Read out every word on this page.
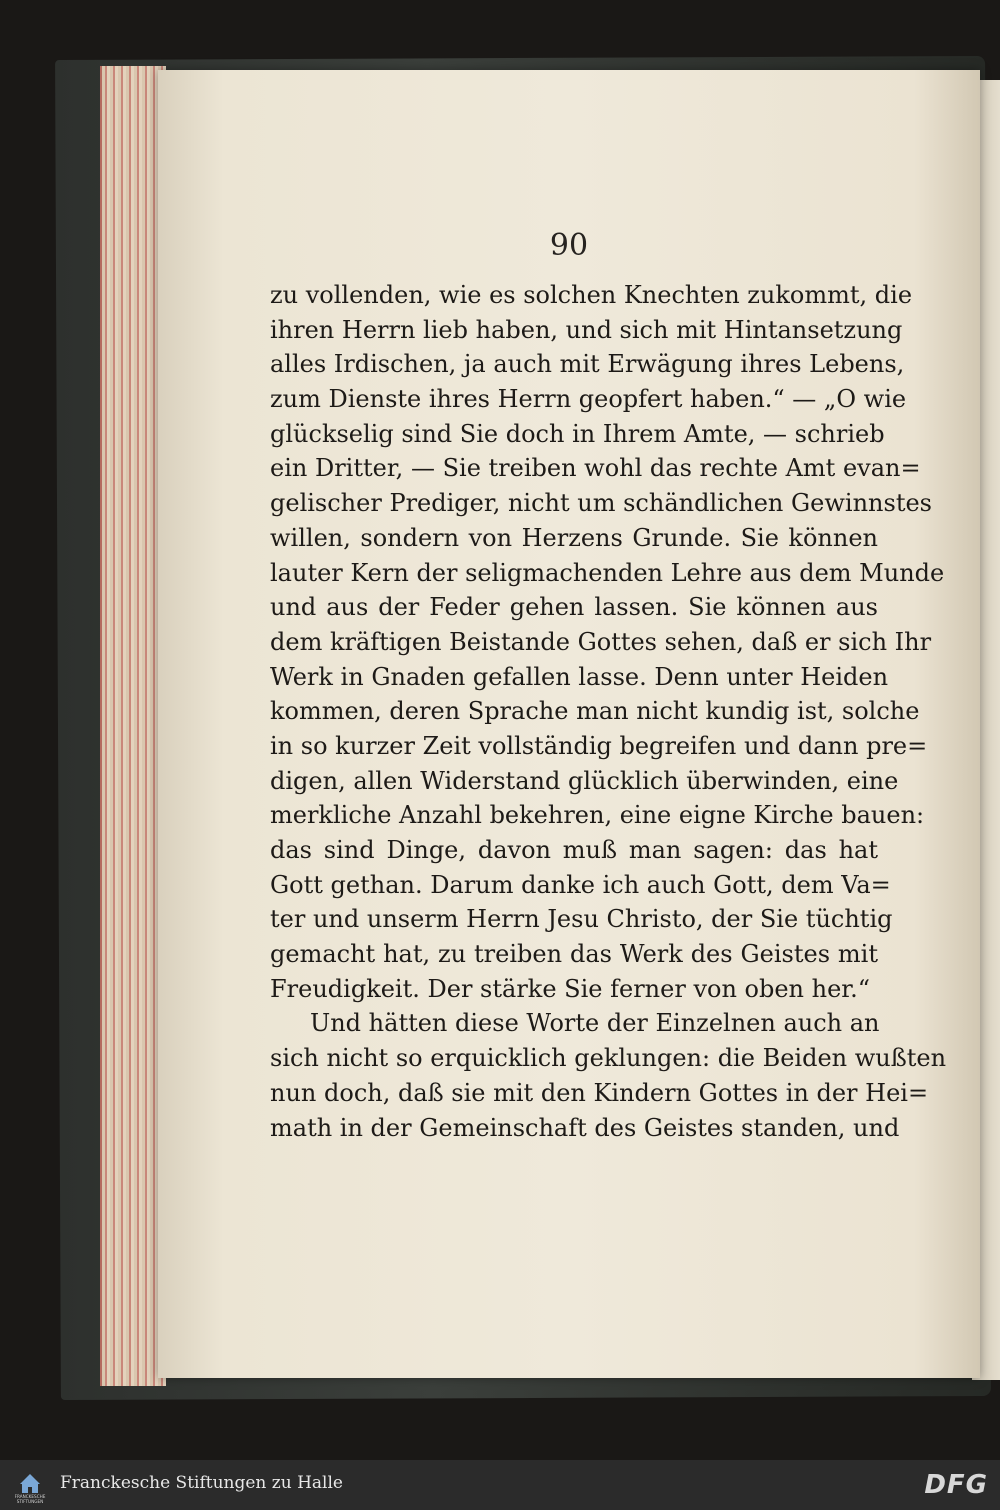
90
zu vollenden, wie es solchen Knechten zukommt, die
ihren Herrn lieb haben, und sich mit Hintansetzung
alles Irdischen, ja auch mit Erwägung ihres Lebens,
zum Dienste ihres Herrn geopfert haben.“ — „O wie
glückselig sind Sie doch in Ihrem Amte, — schrieb
ein Dritter, — Sie treiben wohl das rechte Amt evan=
gelischer Prediger, nicht um schändlichen Gewinnstes
willen, sondern von Herzens Grunde. Sie können
lauter Kern der seligmachenden Lehre aus dem Munde
und aus der Feder gehen lassen. Sie können aus
dem kräftigen Beistande Gottes sehen, daß er sich Ihr
Werk in Gnaden gefallen lasse. Denn unter Heiden
kommen, deren Sprache man nicht kundig ist, solche
in so kurzer Zeit vollständig begreifen und dann pre=
digen, allen Widerstand glücklich überwinden, eine
merkliche Anzahl bekehren, eine eigne Kirche bauen:
das sind Dinge, davon muß man sagen: das hat
Gott gethan. Darum danke ich auch Gott, dem Va=
ter und unserm Herrn Jesu Christo, der Sie tüchtig
gemacht hat, zu treiben das Werk des Geistes mit
Freudigkeit. Der stärke Sie ferner von oben her.“
Und hätten diese Worte der Einzelnen auch an
sich nicht so erquicklich geklungen: die Beiden wußten
nun doch, daß sie mit den Kindern Gottes in der Hei=
math in der Gemeinschaft des Geistes standen, und
FRANCKESCHE
STIFTUNGEN
Franckesche Stiftungen zu Halle	DFG
